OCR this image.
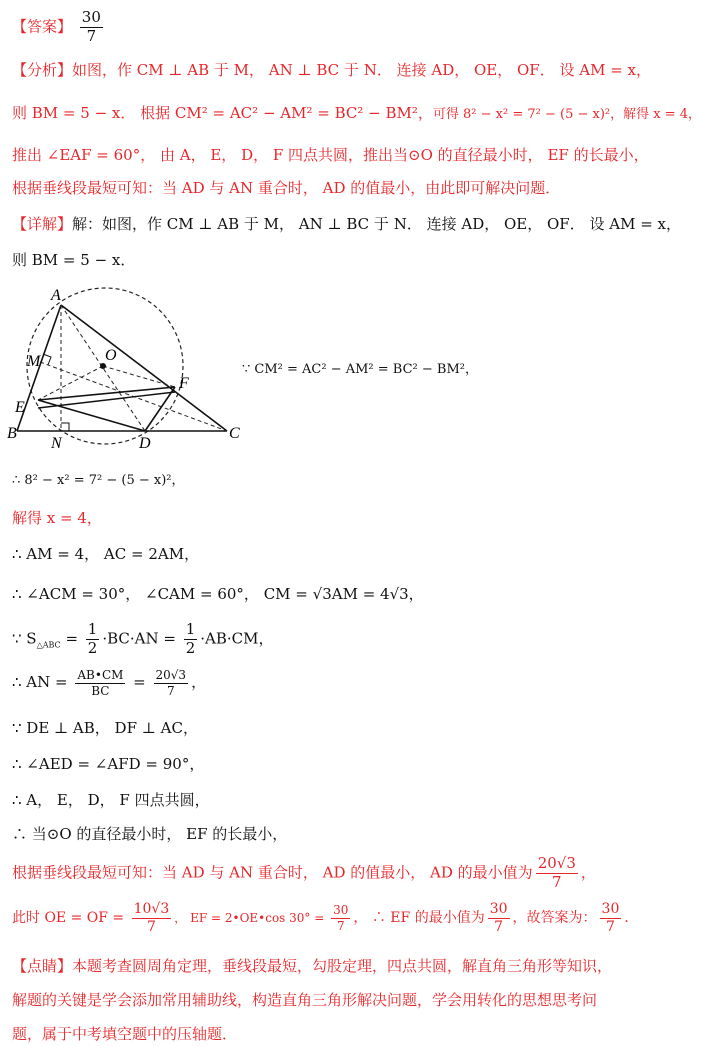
【答案】 $\frac{30}{7}$
【分析】如图，作 CM ⊥ AB 于 M， AN ⊥ BC 于 N． 连接 AD， OE， OF． 设 AM = x，
则 BM = 5 − x． 根据 CM² = AC² − AM² = BC² − BM²，可得 8² − x² = 7² − (5 − x)²，解得 x = 4，
推出 ∠EAF = 60°， 由 A， E， D， F 四点共圆，推出当⊙O 的直径最小时， EF 的长最小，
根据垂线段最短可知：当 AD 与 AN 重合时， AD 的值最小，由此即可解决问题．
【详解】解：如图，作 CM ⊥ AB 于 M， AN ⊥ BC 于 N． 连接 AD， OE， OF． 设 AM = x，
则 BM = 5 − x．
A
M	O
F
E
B
N	D
C
∵ CM² = AC² − AM² = BC² − BM²，
∴ 8² − x² = 7² − (5 − x)²，
解得 x = 4，
∴ AM = 4， AC = 2AM，
∴ ∠ACM = 30°， ∠CAM = 60°， CM = √3AM = 4√3，
∵ $S_{\triangle ABC} = \frac{1}{2} \cdot BC\cdot AN = \frac{1}{2} \cdot AB\cdot CM$，
∴ AN = $\frac{AB•CM}{BC} = \frac{20√3}{7}$ ，
∵ DE ⊥ AB， DF ⊥ AC，
∴ ∠AED = ∠AFD = 90°，
∴ A， E， D， F 四点共圆，
∴ 当⊙O 的直径最小时， EF 的长最小，
根据垂线段最短可知：当 AD 与 AN 重合时， AD 的值最小， AD 的最小值为 $\frac{20√3}{7}$ ，
此时 OE = OF = $\frac{10√3}{7}$ ， EF = 2•OE•cos $30^\circ = \frac{30}{7}$ ， ∴ EF 的最小值为 $\frac{30}{7}$ ，故答案为： $\frac{30}{7}$ ．
【点睛】本题考查圆周角定理，垂线段最短，勾股定理，四点共圆，解直角三角形等知识，
解题的关键是学会添加常用辅助线，构造直角三角形解决问题，学会用转化的思想思考问
题，属于中考填空题中的压轴题．
